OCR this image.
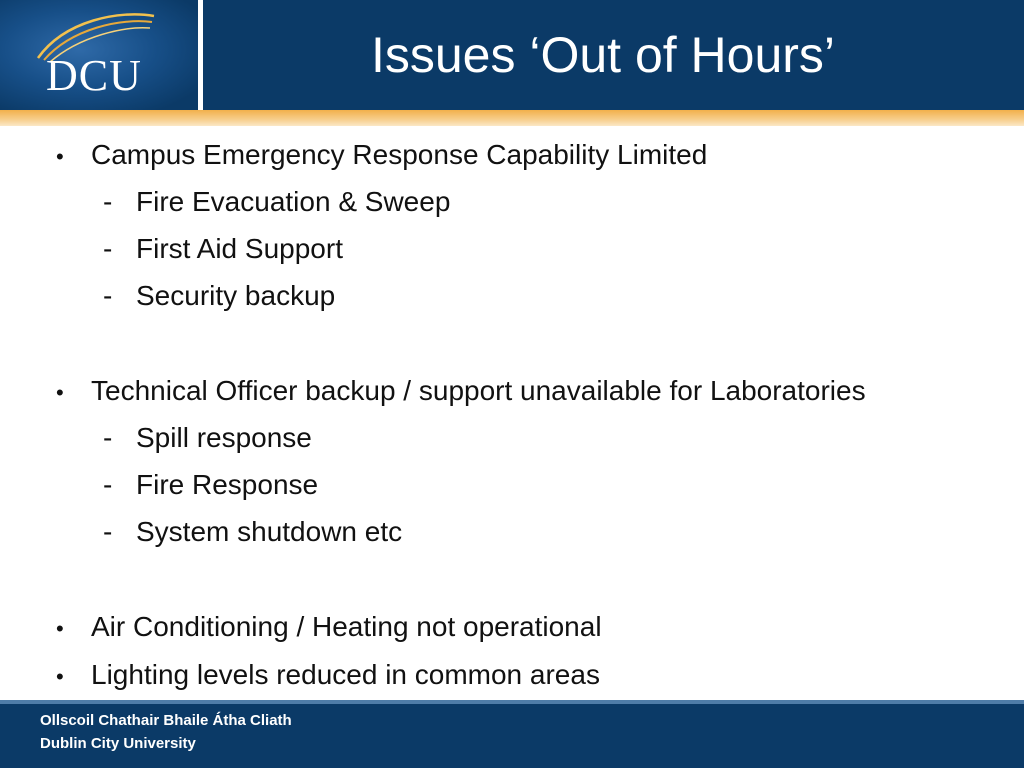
DCU	Issues ‘Out of Hours’
• Campus Emergency Response Capability Limited
- Fire Evacuation & Sweep
- First Aid Support
- Security backup
• Technical Officer backup / support unavailable for Laboratories
- Spill response
- Fire Response
- System shutdown etc
• Air Conditioning / Heating not operational
• Lighting levels reduced in common areas
Ollscoil Chathair Bhaile Átha Cliath
Dublin City University
